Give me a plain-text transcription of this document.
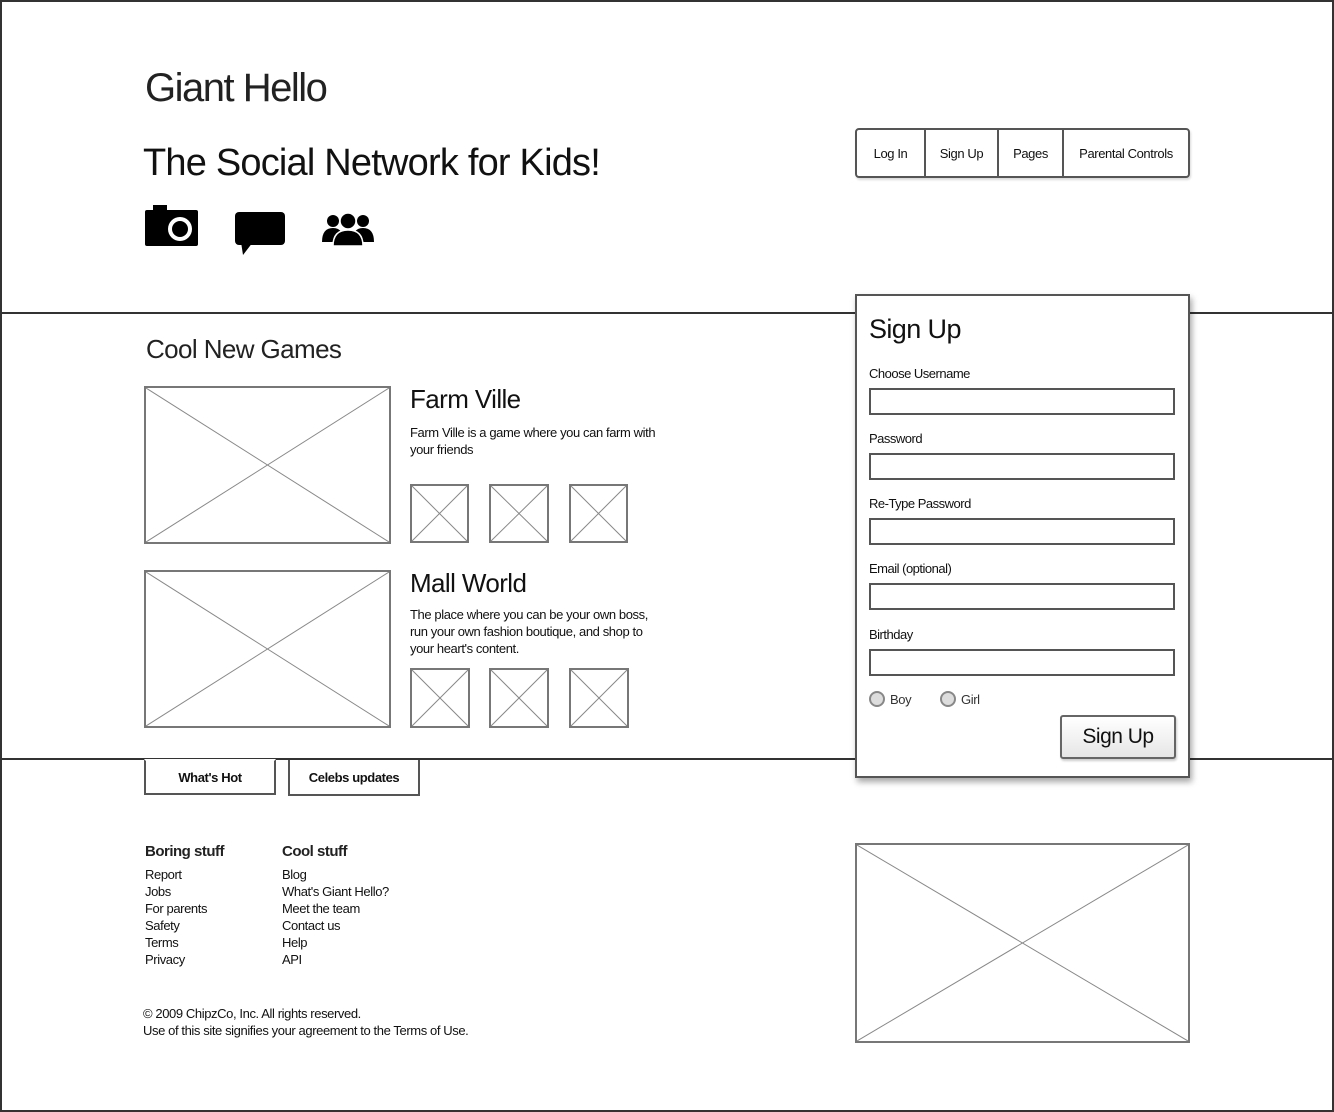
Giant Hello
The Social Network for Kids!	Log In	Sign Up	Pages	Parental Controls
Cool New Games
Farm Ville
Farm Ville is a game where you can farm with your friends
Mall World
The place where you can be your own boss, run your own fashion boutique, and shop to your heart's content.
Sign Up
Choose Username
Password
Re-Type Password
Email (optional)
Birthday
Boy	Girl
Sign Up
What's Hot	Celebs updates
Boring stuff
Report
Jobs
For parents
Safety
Terms
Privacy
Cool stuff
Blog
What's Giant Hello?
Meet the team
Contact us
Help
API
© 2009 ChipzCo, Inc. All rights reserved.
Use of this site signifies your agreement to the Terms of Use.
